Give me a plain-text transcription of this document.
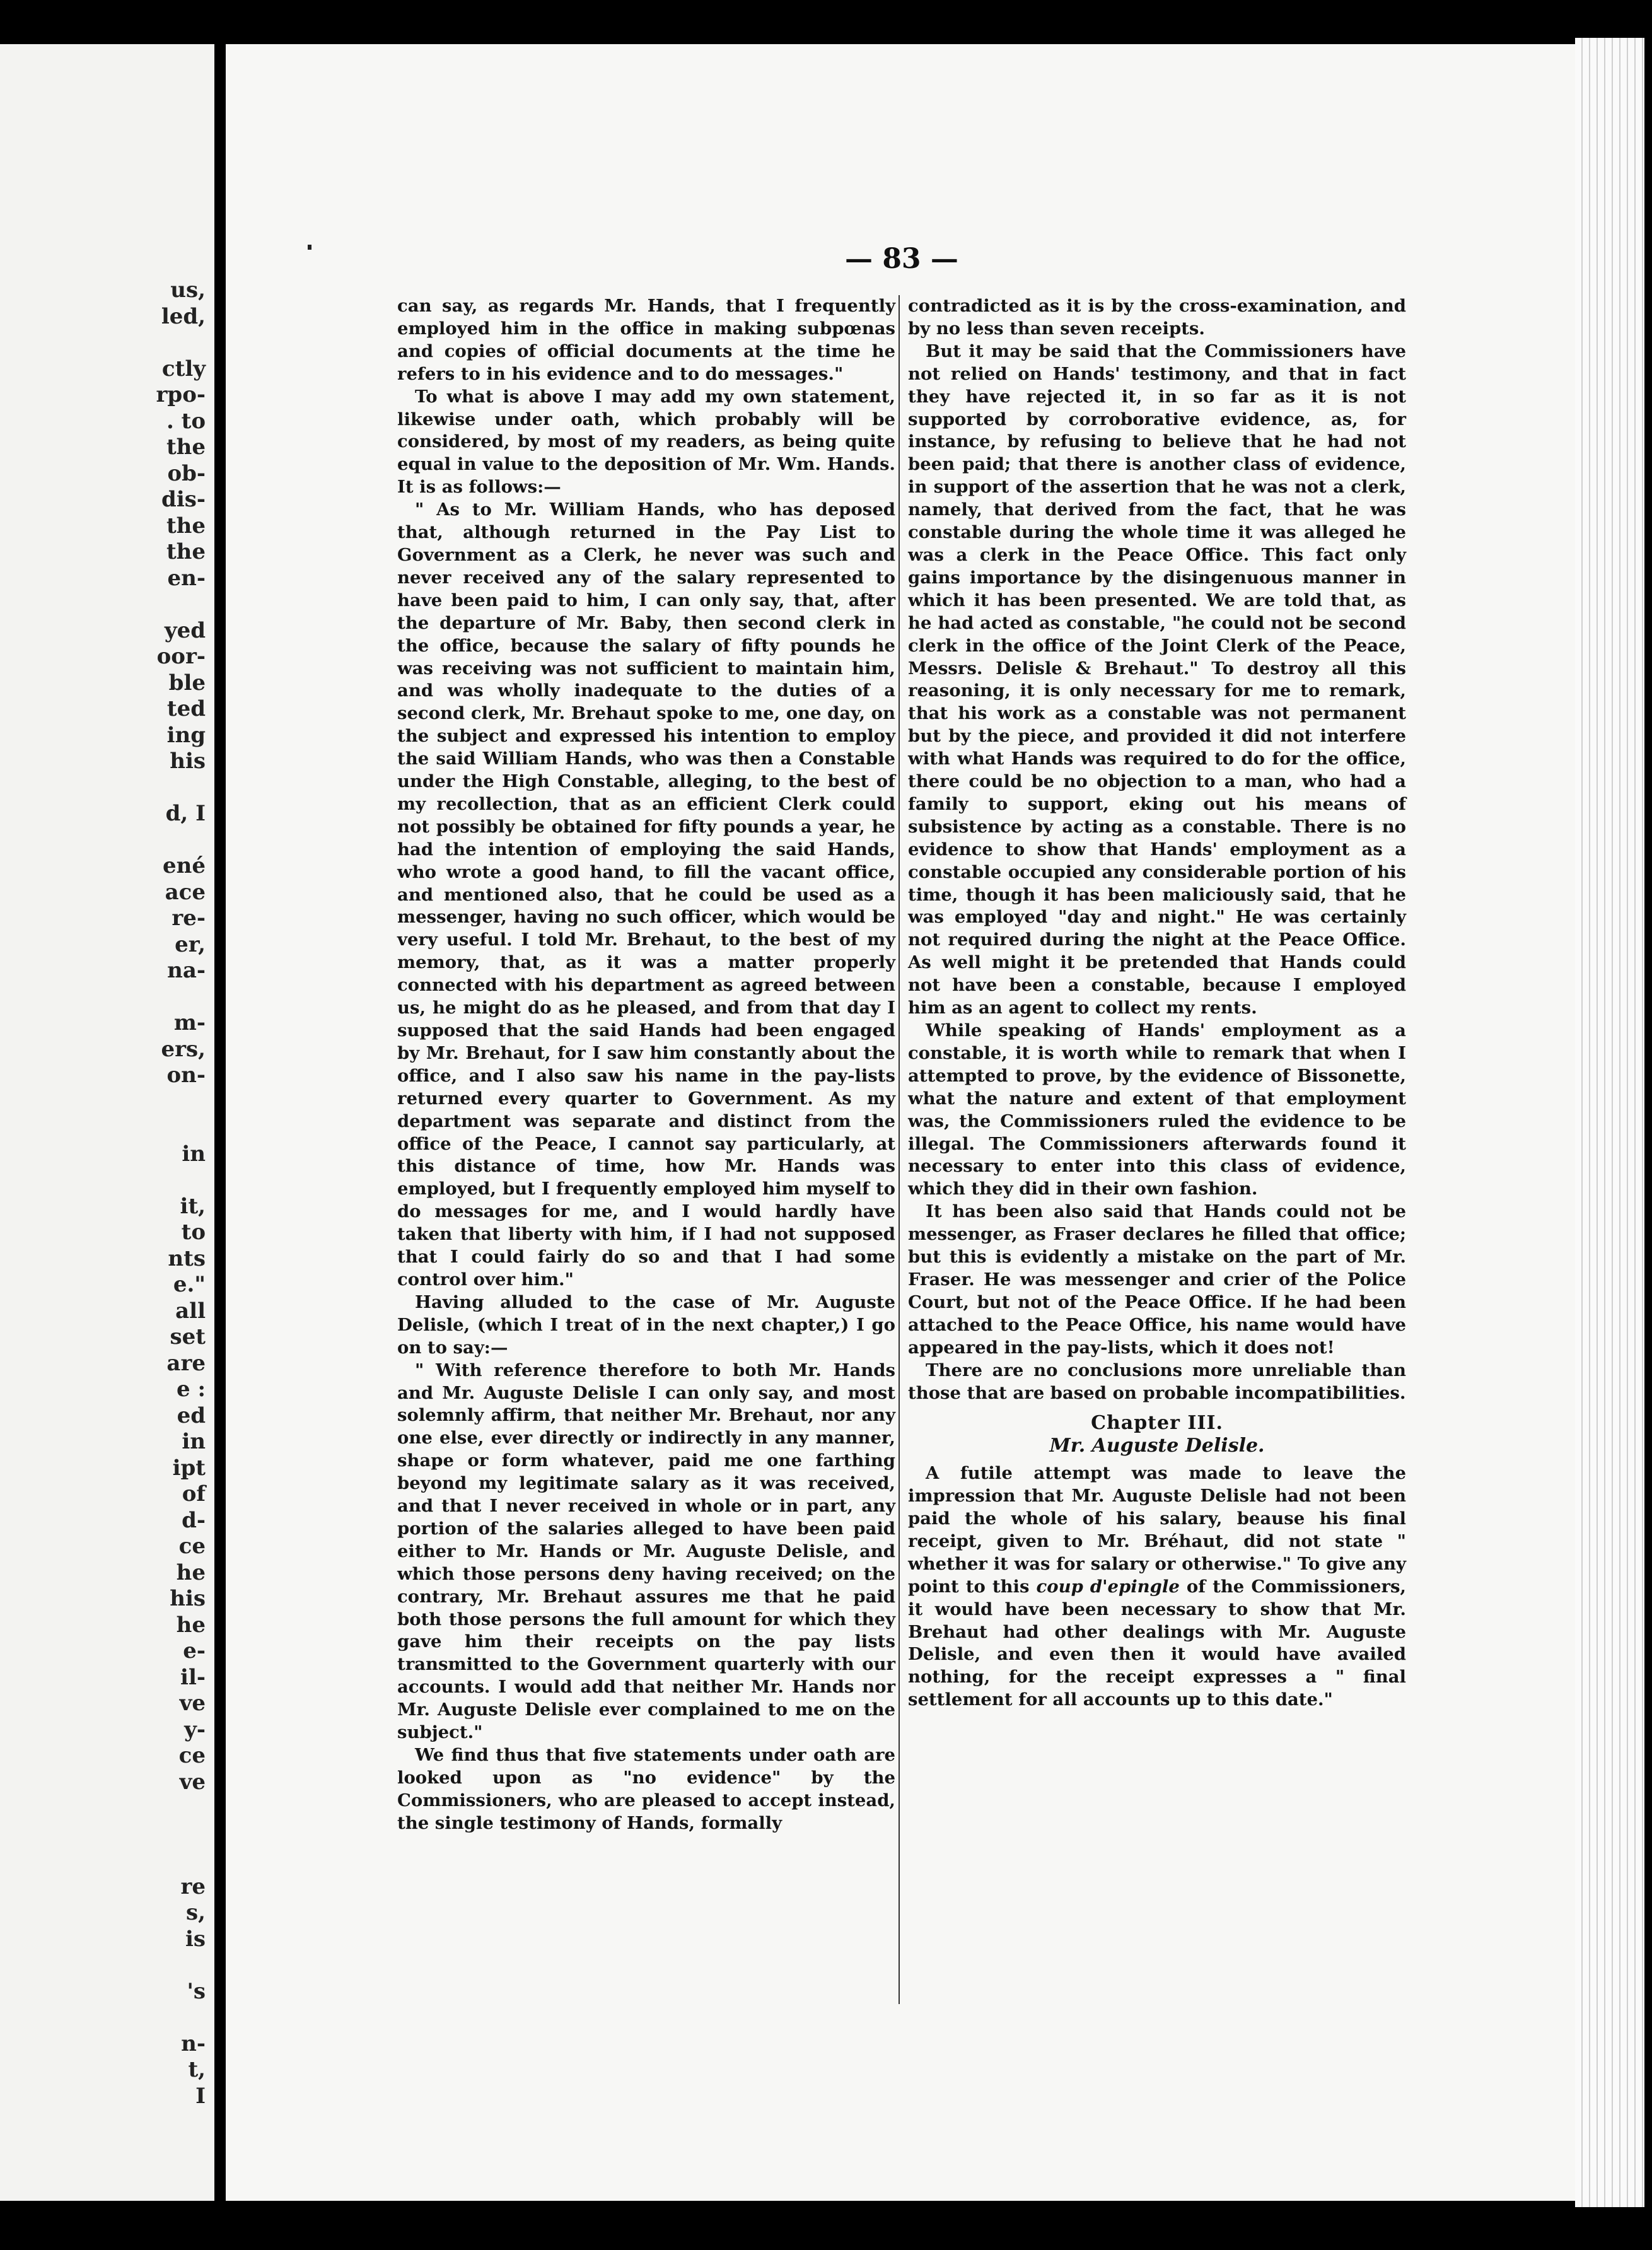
us,
led,
ctly
rpo-
. to
the
ob-
dis-
the
the
en-
yed
oor-
ble
ted
ing
his
d, I
ené
ace
re-
er,
na-
m-
ers,
on-
in
it,
to
nts
e."
all
set
are
e :
ed
in
ipt
of
d-
ce
he
his
he
e-
il-
ve
y-
ce
ve
re
s,
is
's
n-
t,
I
— 83 —

can say, as regards Mr. Hands, that I frequently employed him in the office in making subpœnas and copies of official documents at the time he refers to in his evidence and to do messages."

To what is above I may add my own statement, likewise under oath, which probably will be considered, by most of my readers, as being quite equal in value to the deposition of Mr. Wm. Hands. It is as follows:—

" As to Mr. William Hands, who has deposed that, although returned in the Pay List to Government as a Clerk, he never was such and never received any of the salary represented to have been paid to him, I can only say, that, after the departure of Mr. Baby, then second clerk in the office, because the salary of fifty pounds he was receiving was not sufficient to maintain him, and was wholly inadequate to the duties of a second clerk, Mr. Brehaut spoke to me, one day, on the subject and expressed his intention to employ the said William Hands, who was then a Constable under the High Constable, alleging, to the best of my recollection, that as an efficient Clerk could not possibly be obtained for fifty pounds a year, he had the intention of employing the said Hands, who wrote a good hand, to fill the vacant office, and mentioned also, that he could be used as a messenger, having no such officer, which would be very useful. I told Mr. Brehaut, to the best of my memory, that, as it was a matter properly connected with his department as agreed between us, he might do as he pleased, and from that day I supposed that the said Hands had been engaged by Mr. Brehaut, for I saw him constantly about the office, and I also saw his name in the pay-lists returned every quarter to Government. As my department was separate and distinct from the office of the Peace, I cannot say particularly, at this distance of time, how Mr. Hands was employed, but I frequently employed him myself to do messages for me, and I would hardly have taken that liberty with him, if I had not supposed that I could fairly do so and that I had some control over him."

Having alluded to the case of Mr. Auguste Delisle, (which I treat of in the next chapter,) I go on to say:—

" With reference therefore to both Mr. Hands and Mr. Auguste Delisle I can only say, and most solemnly affirm, that neither Mr. Brehaut, nor any one else, ever directly or indirectly in any manner, shape or form whatever, paid me one farthing beyond my legitimate salary as it was received, and that I never received in whole or in part, any portion of the salaries alleged to have been paid either to Mr. Hands or Mr. Auguste Delisle, and which those persons deny having received; on the contrary, Mr. Brehaut assures me that he paid both those persons the full amount for which they gave him their receipts on the pay lists transmitted to the Government quarterly with our accounts. I would add that neither Mr. Hands nor Mr. Auguste Delisle ever complained to me on the subject."

We find thus that five statements under oath are looked upon as "no evidence" by the Commissioners, who are pleased to accept instead, the single testimony of Hands, formally

contradicted as it is by the cross-examination, and by no less than seven receipts.

But it may be said that the Commissioners have not relied on Hands' testimony, and that in fact they have rejected it, in so far as it is not supported by corroborative evidence, as, for instance, by refusing to believe that he had not been paid; that there is another class of evidence, in support of the assertion that he was not a clerk, namely, that derived from the fact, that he was constable during the whole time it was alleged he was a clerk in the Peace Office. This fact only gains importance by the disingenuous manner in which it has been presented. We are told that, as he had acted as constable, "he could not be second clerk in the office of the Joint Clerk of the Peace, Messrs. Delisle & Brehaut." To destroy all this reasoning, it is only necessary for me to remark, that his work as a constable was not permanent but by the piece, and provided it did not interfere with what Hands was required to do for the office, there could be no objection to a man, who had a family to support, eking out his means of subsistence by acting as a constable. There is no evidence to show that Hands' employment as a constable occupied any considerable portion of his time, though it has been maliciously said, that he was employed "day and night." He was certainly not required during the night at the Peace Office. As well might it be pretended that Hands could not have been a constable, because I employed him as an agent to collect my rents.

While speaking of Hands' employment as a constable, it is worth while to remark that when I attempted to prove, by the evidence of Bissonette, what the nature and extent of that employment was, the Commissioners ruled the evidence to be illegal. The Commissioners afterwards found it necessary to enter into this class of evidence, which they did in their own fashion.

It has been also said that Hands could not be messenger, as Fraser declares he filled that office; but this is evidently a mistake on the part of Mr. Fraser. He was messenger and crier of the Police Court, but not of the Peace Office. If he had been attached to the Peace Office, his name would have appeared in the pay-lists, which it does not!

There are no conclusions more unreliable than those that are based on probable incompatibilities.

Chapter III.
Mr. Auguste Delisle.

A futile attempt was made to leave the impression that Mr. Auguste Delisle had not been paid the whole of his salary, beause his final receipt, given to Mr. Bréhaut, did not state " whether it was for salary or otherwise." To give any point to this coup d'epingle of the Commissioners, it would have been necessary to show that Mr. Brehaut had other dealings with Mr. Auguste Delisle, and even then it would have availed nothing, for the receipt expresses a " final settlement for all accounts up to this date."
